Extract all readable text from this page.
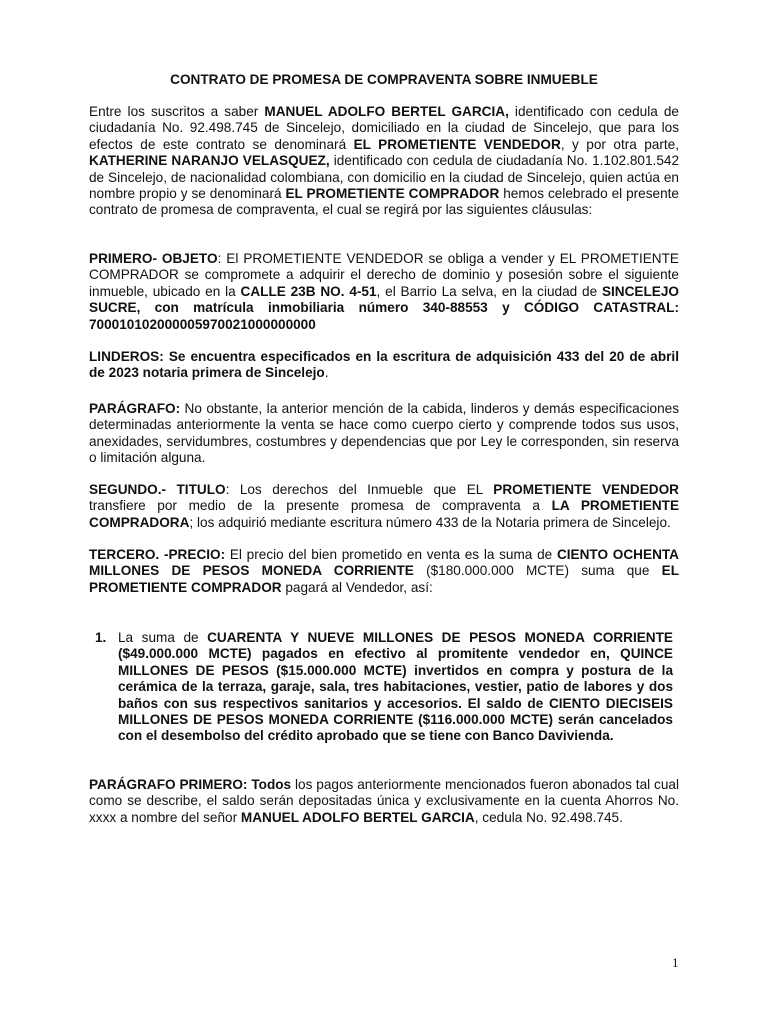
CONTRATO DE PROMESA DE COMPRAVENTA SOBRE INMUEBLE

Entre los suscritos a saber MANUEL ADOLFO BERTEL GARCIA, identificado con cedula de ciudadanía No. 92.498.745 de Sincelejo, domiciliado en la ciudad de Sincelejo, que para los efectos de este contrato se denominará EL PROMETIENTE VENDEDOR, y por otra parte, KATHERINE NARANJO VELASQUEZ, identificado con cedula de ciudadanía No. 1.102.801.542 de Sincelejo, de nacionalidad colombiana, con domicilio en la ciudad de Sincelejo, quien actúa en nombre propio y se denominará EL PROMETIENTE COMPRADOR hemos celebrado el presente contrato de promesa de compraventa, el cual se regirá por las siguientes cláusulas:

PRIMERO- OBJETO: El PROMETIENTE VENDEDOR se obliga a vender y EL PROMETIENTE COMPRADOR se compromete a adquirir el derecho de dominio y posesión sobre el siguiente inmueble, ubicado en la CALLE 23B NO. 4-51, el Barrio La selva, en la ciudad de SINCELEJO SUCRE, con matrícula inmobiliaria número 340-88553 y CÓDIGO CATASTRAL: 700010102000005970021000000000

LINDEROS: Se encuentra especificados en la escritura de adquisición 433 del 20 de abril de 2023 notaria primera de Sincelejo.

PARÁGRAFO: No obstante, la anterior mención de la cabida, linderos y demás especificaciones determinadas anteriormente la venta se hace como cuerpo cierto y comprende todos sus usos, anexidades, servidumbres, costumbres y dependencias que por Ley le corresponden, sin reserva o limitación alguna.

SEGUNDO.- TITULO: Los derechos del Inmueble que EL PROMETIENTE VENDEDOR transfiere por medio de la presente promesa de compraventa a LA PROMETIENTE COMPRADORA; los adquirió mediante escritura número 433 de la Notaria primera de Sincelejo.

TERCERO. -PRECIO: El precio del bien prometido en venta es la suma de CIENTO OCHENTA MILLONES DE PESOS MONEDA CORRIENTE ($180.000.000 MCTE) suma que EL PROMETIENTE COMPRADOR pagará al Vendedor, así:

1. La suma de CUARENTA Y NUEVE MILLONES DE PESOS MONEDA CORRIENTE ($49.000.000 MCTE) pagados en efectivo al promitente vendedor en, QUINCE MILLONES DE PESOS ($15.000.000 MCTE) invertidos en compra y postura de la cerámica de la terraza, garaje, sala, tres habitaciones, vestier, patio de labores y dos baños con sus respectivos sanitarios y accesorios. El saldo de CIENTO DIECISEIS MILLONES DE PESOS MONEDA CORRIENTE ($116.000.000 MCTE) serán cancelados con el desembolso del crédito aprobado que se tiene con Banco Davivienda.

PARÁGRAFO PRIMERO: Todos los pagos anteriormente mencionados fueron abonados tal cual como se describe, el saldo serán depositadas única y exclusivamente en la cuenta Ahorros No. xxxx a nombre del señor MANUEL ADOLFO BERTEL GARCIA, cedula No. 92.498.745.

1
